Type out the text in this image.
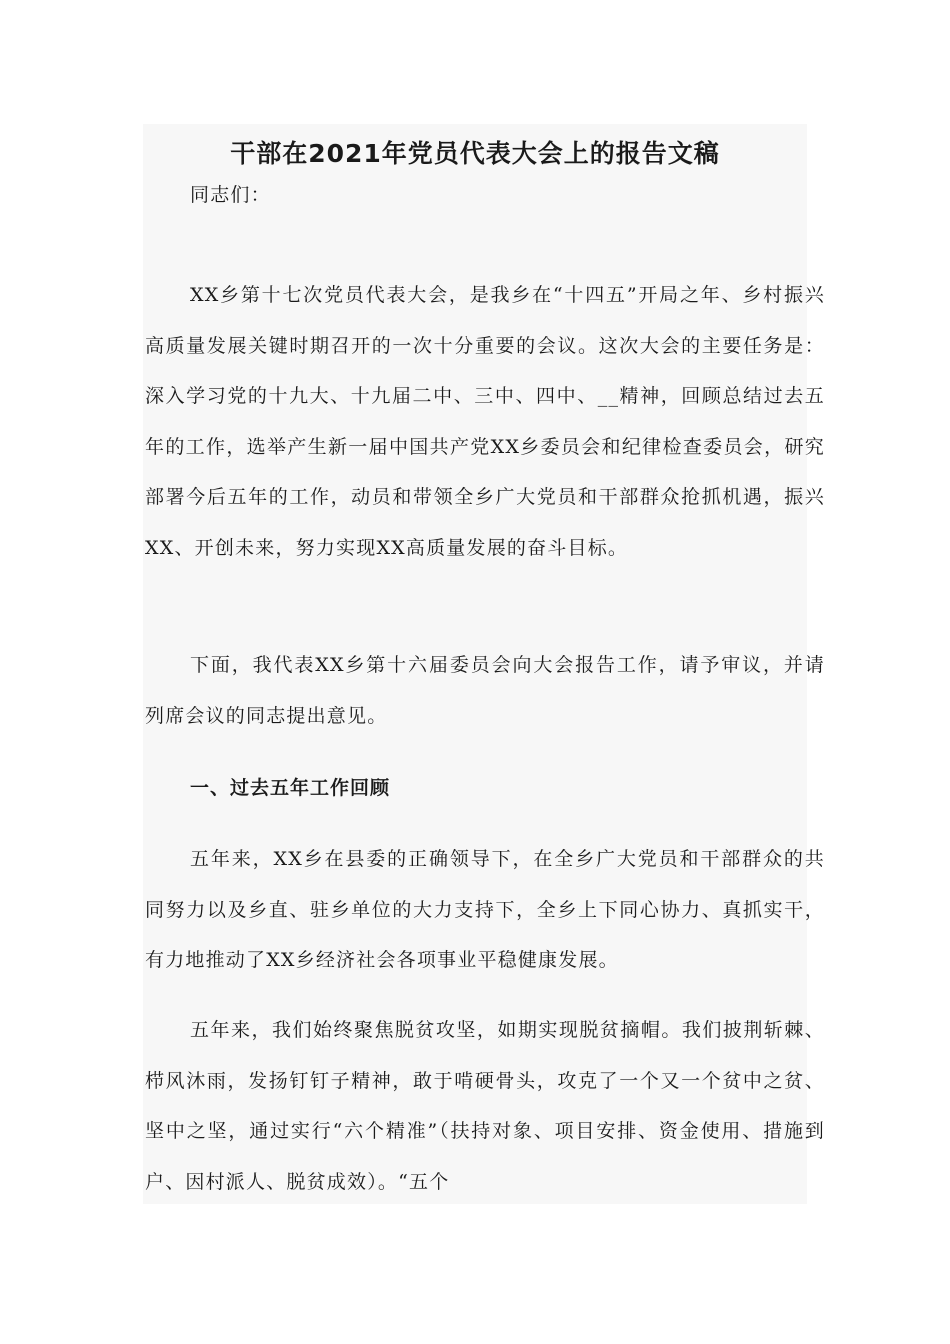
干部在2021年党员代表大会上的报告文稿

同志们：

XX乡第十七次党员代表大会，是我乡在“十四五”开局之年、乡村振兴高质量发展关键时期召开的一次十分重要的会议。这次大会的主要任务是：深入学习党的十九大、十九届二中、三中、四中、__精神，回顾总结过去五年的工作，选举产生新一届中国共产党XX乡委员会和纪律检查委员会，研究部署今后五年的工作，动员和带领全乡广大党员和干部群众抢抓机遇，振兴XX、开创未来，努力实现XX高质量发展的奋斗目标。

下面，我代表XX乡第十六届委员会向大会报告工作，请予审议，并请列席会议的同志提出意见。

一、过去五年工作回顾

五年来，XX乡在县委的正确领导下，在全乡广大党员和干部群众的共同努力以及乡直、驻乡单位的大力支持下，全乡上下同心协力、真抓实干，有力地推动了XX乡经济社会各项事业平稳健康发展。

五年来，我们始终聚焦脱贫攻坚，如期实现脱贫摘帽。我们披荆斩棘、栉风沐雨，发扬钉钉子精神，敢于啃硬骨头，攻克了一个又一个贫中之贫、坚中之坚，通过实行“六个精准”（扶持对象、项目安排、资金使用、措施到户、因村派人、脱贫成效）。“五个
